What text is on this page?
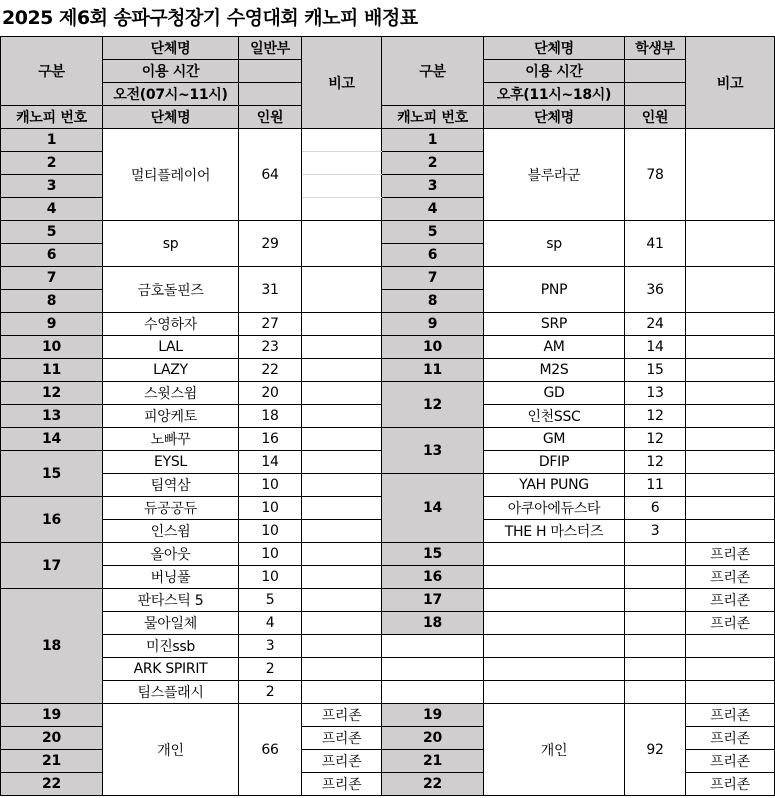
2025 제6회 송파구청장기 수영대회 캐노피 배정표
구분	단체명	일반부	비고	구분	단체명	학생부	비고
	이용 시간				이용 시간		
	오전(07시~11시)				오후(11시~18시)		
캐노피 번호	단체명	인원		캐노피 번호	단체명	인원	
1	멀티플레이어	64		1	블루라군	78	
2				2			
3				3			
4				4			
5	sp	29		5	sp	41	
6				6			
7	금호돌핀즈	31		7	PNP	36	
8				8			
9	수영하자	27		9	SRP	24	
10	LAL	23		10	AM	14	
11	LAZY	22		11	M2S	15	
12	스윗스윔	20		12	GD	13	
13	피앙케토	18			인천SSC	12	
14	노빠꾸	16		13	GM	12	
15	EYSL	14			DFIP	12	
	팀역삼	10		14	YAH PUNG	11	
16	듀공공듀	10			아쿠아에듀스타	6	
	인스윔	10			THE H 마스터즈	3	
17	올아웃	10		15			프리존
	버닝풀	10		16			프리존
18	판타스틱 5	5		17			프리존
	물아일체	4		18			프리존
	미진ssb	3					
	ARK SPIRIT	2					
	팀스플래시	2					
19	개인	66	프리존	19	개인	92	프리존
20			프리존	20			프리존
21			프리존	21			프리존
22			프리존	22			프리존
